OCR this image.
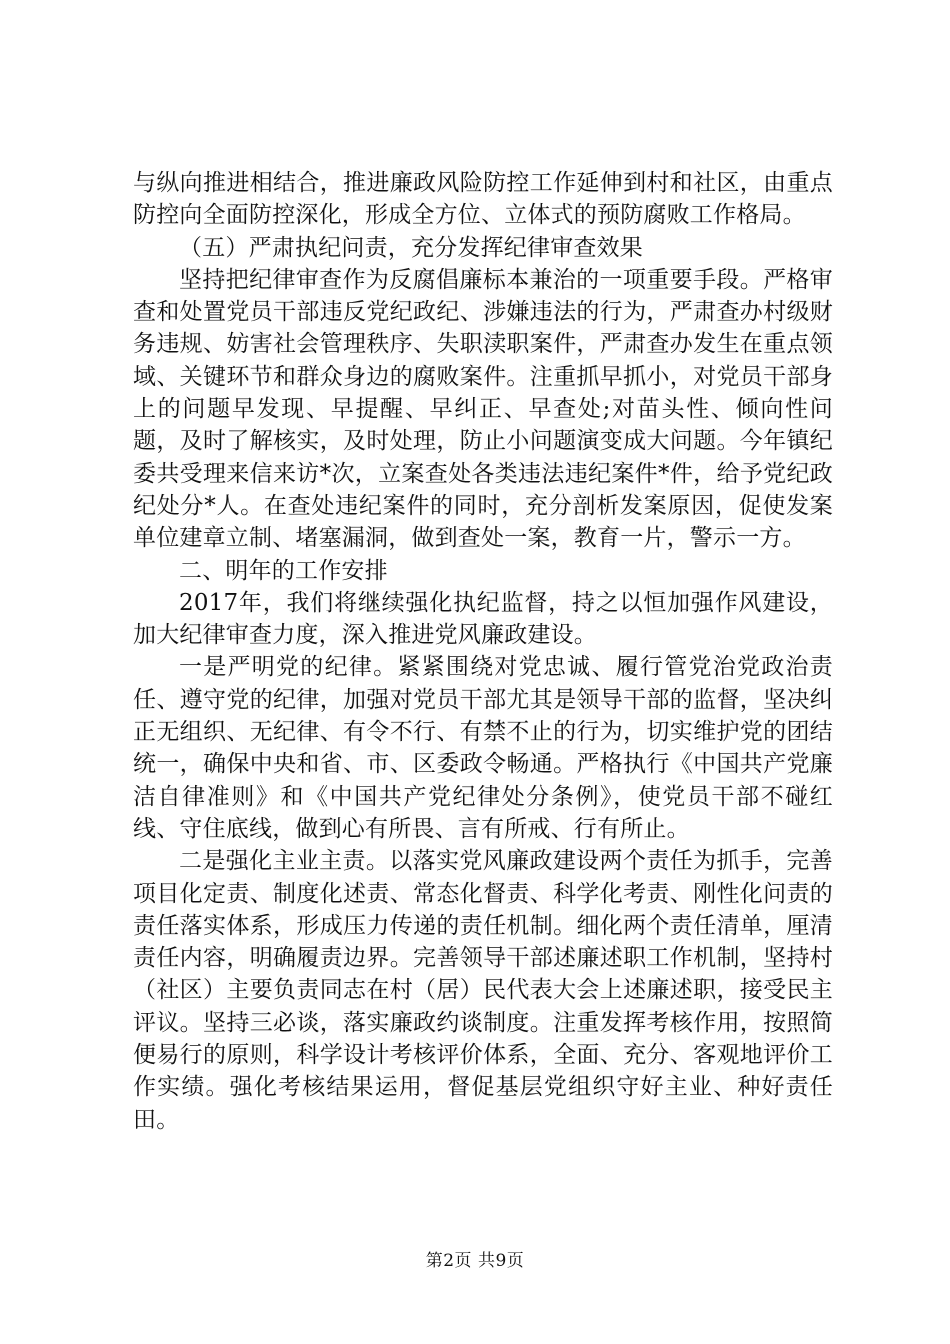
与纵向推进相结合，推进廉政风险防控工作延伸到村和社区，由重点防控向全面防控深化，形成全方位、立体式的预防腐败工作格局。

（五）严肃执纪问责，充分发挥纪律审查效果

坚持把纪律审查作为反腐倡廉标本兼治的一项重要手段。严格审查和处置党员干部违反党纪政纪、涉嫌违法的行为，严肃查办村级财务违规、妨害社会管理秩序、失职渎职案件，严肃查办发生在重点领域、关键环节和群众身边的腐败案件。注重抓早抓小，对党员干部身上的问题早发现、早提醒、早纠正、早查处;对苗头性、倾向性问题，及时了解核实，及时处理，防止小问题演变成大问题。今年镇纪委共受理来信来访*次，立案查处各类违法违纪案件*件，给予党纪政纪处分*人。在查处违纪案件的同时，充分剖析发案原因，促使发案单位建章立制、堵塞漏洞，做到查处一案，教育一片，警示一方。

二、明年的工作安排

2017年，我们将继续强化执纪监督，持之以恒加强作风建设，加大纪律审查力度，深入推进党风廉政建设。

一是严明党的纪律。紧紧围绕对党忠诚、履行管党治党政治责任、遵守党的纪律，加强对党员干部尤其是领导干部的监督，坚决纠正无组织、无纪律、有令不行、有禁不止的行为，切实维护党的团结统一，确保中央和省、市、区委政令畅通。严格执行《中国共产党廉洁自律准则》和《中国共产党纪律处分条例》，使党员干部不碰红线、守住底线，做到心有所畏、言有所戒、行有所止。

二是强化主业主责。以落实党风廉政建设两个责任为抓手，完善项目化定责、制度化述责、常态化督责、科学化考责、刚性化问责的责任落实体系，形成压力传递的责任机制。细化两个责任清单，厘清责任内容，明确履责边界。完善领导干部述廉述职工作机制，坚持村（社区）主要负责同志在村（居）民代表大会上述廉述职，接受民主评议。坚持三必谈，落实廉政约谈制度。注重发挥考核作用，按照简便易行的原则，科学设计考核评价体系，全面、充分、客观地评价工作实绩。强化考核结果运用，督促基层党组织守好主业、种好责任田。

第2页 共9页
